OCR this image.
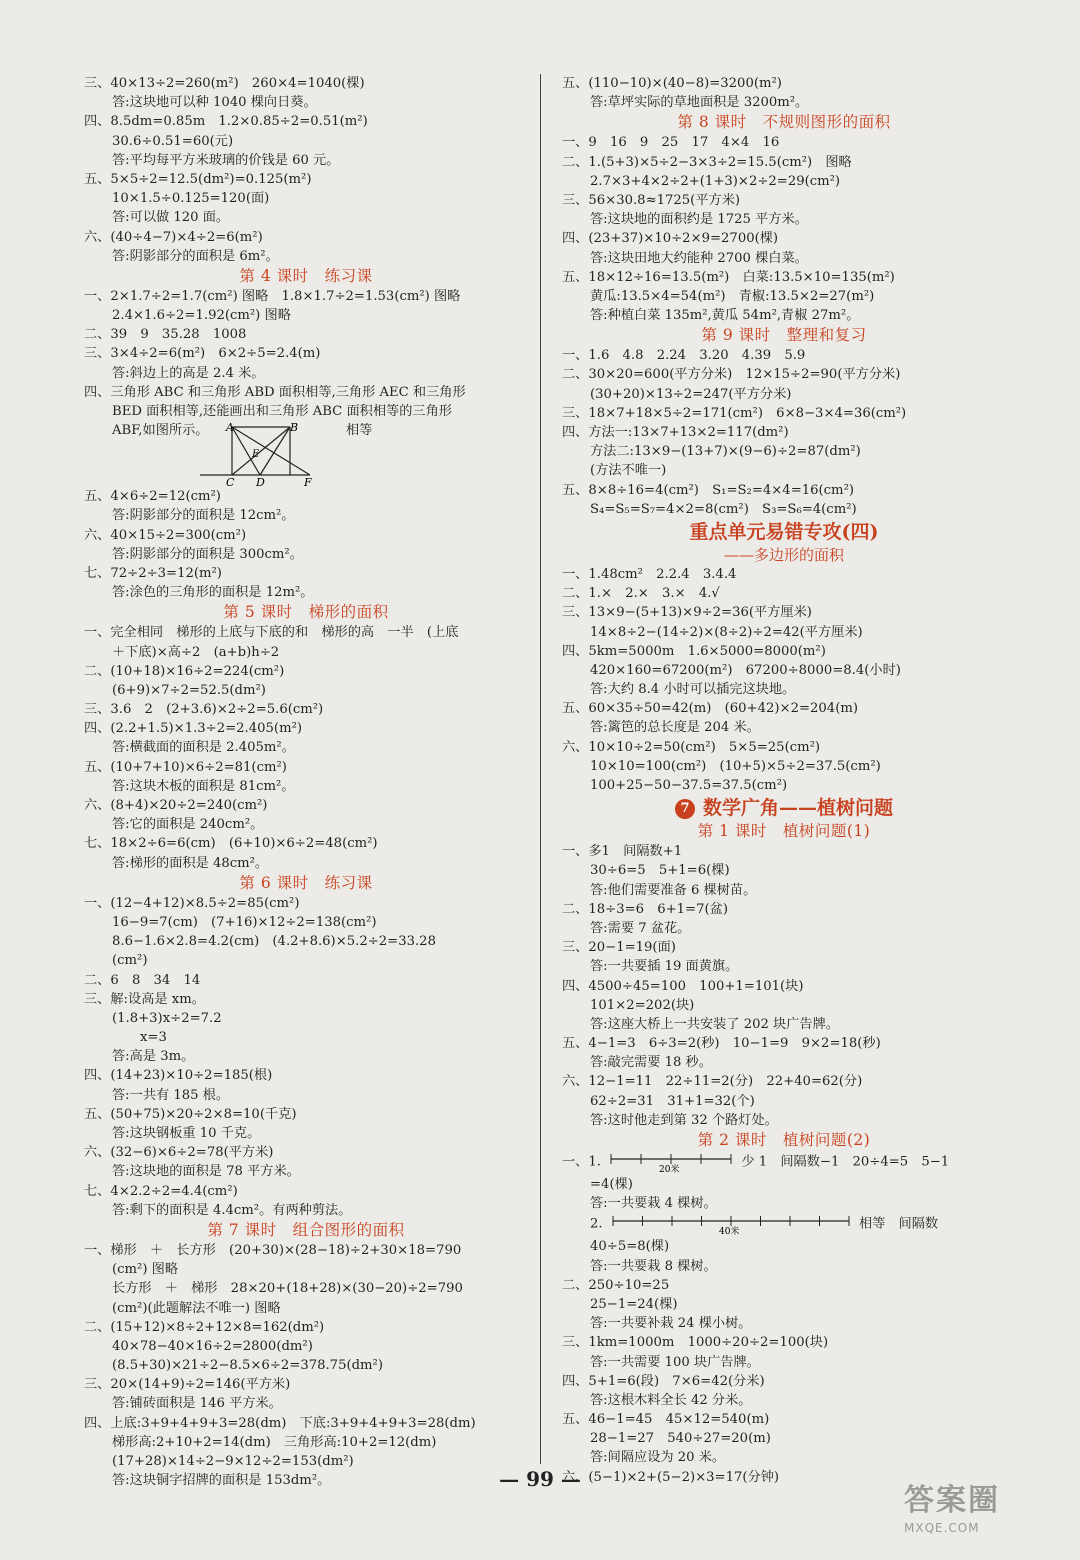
三、40×13÷2=260(m²)　260×4=1040(棵)
答:这块地可以种 1040 棵向日葵。
四、8.5dm=0.85m　1.2×0.85÷2=0.51(m²)
30.6÷0.51=60(元)
答:平均每平方米玻璃的价钱是 60 元。
五、5×5÷2=12.5(dm²)=0.125(m²)
10×1.5÷0.125=120(面)
答:可以做 120 面。
六、(40÷4−7)×4÷2=6(m²)
答:阴影部分的面积是 6m²。
第 4 课时　练习课
一、2×1.7÷2=1.7(cm²) 图略　1.8×1.7÷2=1.53(cm²) 图略
2.4×1.6÷2=1.92(cm²) 图略
二、39　9　35.28　1008
三、3×4÷2=6(m²)　6×2÷5=2.4(m)
答:斜边上的高是 2.4 米。
四、三角形 ABC 和三角形 ABD 面积相等,三角形 AEC 和三角形
BED 面积相等,还能画出和三角形 ABC 面积相等的三角形
ABF,如图所示。 A	B
E
C D	F
相等
五、4×6÷2=12(cm²)
答:阴影部分的面积是 12cm²。
六、40×15÷2=300(cm²)
答:阴影部分的面积是 300cm²。
七、72÷2÷3=12(m²)
答:涂色的三角形的面积是 12m²。
第 5 课时　梯形的面积
一、完全相同　梯形的上底与下底的和　梯形的高　一半　(上底
＋下底)×高÷2　(a+b)h÷2
二、(10+18)×16÷2=224(cm²)
(6+9)×7÷2=52.5(dm²)
三、3.6　2　(2+3.6)×2÷2=5.6(cm²)
四、(2.2+1.5)×1.3÷2=2.405(m²)
答:横截面的面积是 2.405m²。
五、(10+7+10)×6÷2=81(cm²)
答:这块木板的面积是 81cm²。
六、(8+4)×20÷2=240(cm²)
答:它的面积是 240cm²。
七、18×2÷6=6(cm)　(6+10)×6÷2=48(cm²)
答:梯形的面积是 48cm²。
第 6 课时　练习课
一、(12−4+12)×8.5÷2=85(cm²)
16−9=7(cm)　(7+16)×12÷2=138(cm²)
8.6−1.6×2.8=4.2(cm)　(4.2+8.6)×5.2÷2=33.28
(cm²)
二、6　8　34　14
三、解:设高是 xm。
(1.8+3)x÷2=7.2
x=3
答:高是 3m。
四、(14+23)×10÷2=185(根)
答:一共有 185 根。
五、(50+75)×20÷2×8=10(千克)
答:这块钢板重 10 千克。
六、(32−6)×6÷2=78(平方米)
答:这块地的面积是 78 平方米。
七、4×2.2÷2=4.4(cm²)
答:剩下的面积是 4.4cm²。有两种剪法。
第 7 课时　组合图形的面积
一、梯形　＋　长方形　(20+30)×(28−18)÷2+30×18=790
(cm²) 图略
长方形　＋　梯形　28×20+(18+28)×(30−20)÷2=790
(cm²)(此题解法不唯一) 图略
二、(15+12)×8÷2+12×8=162(dm²)
40×78−40×16÷2=2800(dm²)
(8.5+30)×21÷2−8.5×6÷2=378.75(dm²)
三、20×(14+9)÷2=146(平方米)
答:铺砖面积是 146 平方米。
四、上底:3+9+4+9+3=28(dm)　下底:3+9+4+9+3=28(dm)
梯形高:2+10+2=14(dm)　三角形高:10+2=12(dm)
(17+28)×14÷2−9×12÷2=153(dm²)
答:这块铜字招牌的面积是 153dm²。
五、(110−10)×(40−8)=3200(m²)
答:草坪实际的草地面积是 3200m²。
第 8 课时　不规则图形的面积
一、9　16　9　25　17　4×4　16
二、1.(5+3)×5÷2−3×3÷2=15.5(cm²)　图略
2.7×3+4×2÷2+(1+3)×2÷2=29(cm²)
三、56×30.8≈1725(平方米)
答:这块地的面积约是 1725 平方米。
四、(23+37)×10÷2×9=2700(棵)
答:这块田地大约能种 2700 棵白菜。
五、18×12÷16=13.5(m²)　白菜:13.5×10=135(m²)
黄瓜:13.5×4=54(m²)　青椒:13.5×2=27(m²)
答:种植白菜 135m²,黄瓜 54m²,青椒 27m²。
第 9 课时　整理和复习
一、1.6　4.8　2.24　3.20　4.39　5.9
二、30×20=600(平方分米)　12×15÷2=90(平方分米)
(30+20)×13÷2=247(平方分米)
三、18×7+18×5÷2=171(cm²)　6×8−3×4=36(cm²)
四、方法一:13×7+13×2=117(dm²)
方法二:13×9−(13+7)×(9−6)÷2=87(dm²)
(方法不唯一)
五、8×8÷16=4(cm²)　S₁=S₂=4×4=16(cm²)
S₄=S₅=S₇=4×2=8(cm²)　S₃=S₆=4(cm²)
重点单元易错专攻(四)
——多边形的面积
一、1.48cm²　2.2.4　3.4.4
二、1.×　2.×　3.×　4.√
三、13×9−(5+13)×9÷2=36(平方厘米)
14×8÷2−(14÷2)×(8÷2)÷2=42(平方厘米)
四、5km=5000m　1.6×5000=8000(m²)
420×160=67200(m²)　67200÷8000=8.4(小时)
答:大约 8.4 小时可以插完这块地。
五、60×35÷50=42(m)　(60+42)×2=204(m)
答:篱笆的总长度是 204 米。
六、10×10÷2=50(cm²)　5×5=25(cm²)
10×10=100(cm²)　(10+5)×5÷2=37.5(cm²)
100+25−50−37.5=37.5(cm²)
7 数学广角——植树问题
第 1 课时　植树问题(1)
一、多1　间隔数+1
30÷6=5　5+1=6(棵)
答:他们需要准备 6 棵树苗。
二、18÷3=6　6+1=7(盆)
答:需要 7 盆花。
三、20−1=19(面)
答:一共要插 19 面黄旗。
四、4500÷45=100　100+1=101(块)
101×2=202(块)
答:这座大桥上一共安装了 202 块广告牌。
五、4−1=3　6÷3=2(秒)　10−1=9　9×2=18(秒)
答:敲完需要 18 秒。
六、12−1=11　22÷11=2(分)　22+40=62(分)
62÷2=31　31+1=32(个)
答:这时他走到第 32 个路灯处。
第 2 课时　植树问题(2)
一、1.
20米
少 1　间隔数−1　20÷4=5　5−1
=4(棵)
答:一共要栽 4 棵树。
2.
40米
相等　间隔数
40÷5=8(棵)
答:一共要栽 8 棵树。
二、250÷10=25
25−1=24(棵)
答:一共要补栽 24 棵小树。
三、1km=1000m　1000÷20÷2=100(块)
答:一共需要 100 块广告牌。
四、5+1=6(段)　7×6=42(分米)
答:这根木料全长 42 分米。
五、46−1=45　45×12=540(m)
28−1=27　540÷27=20(m)
答:间隔应设为 20 米。
六、(5−1)×2+(5−2)×3=17(分钟)
— 99 —
答案圈
MXQE.COM
